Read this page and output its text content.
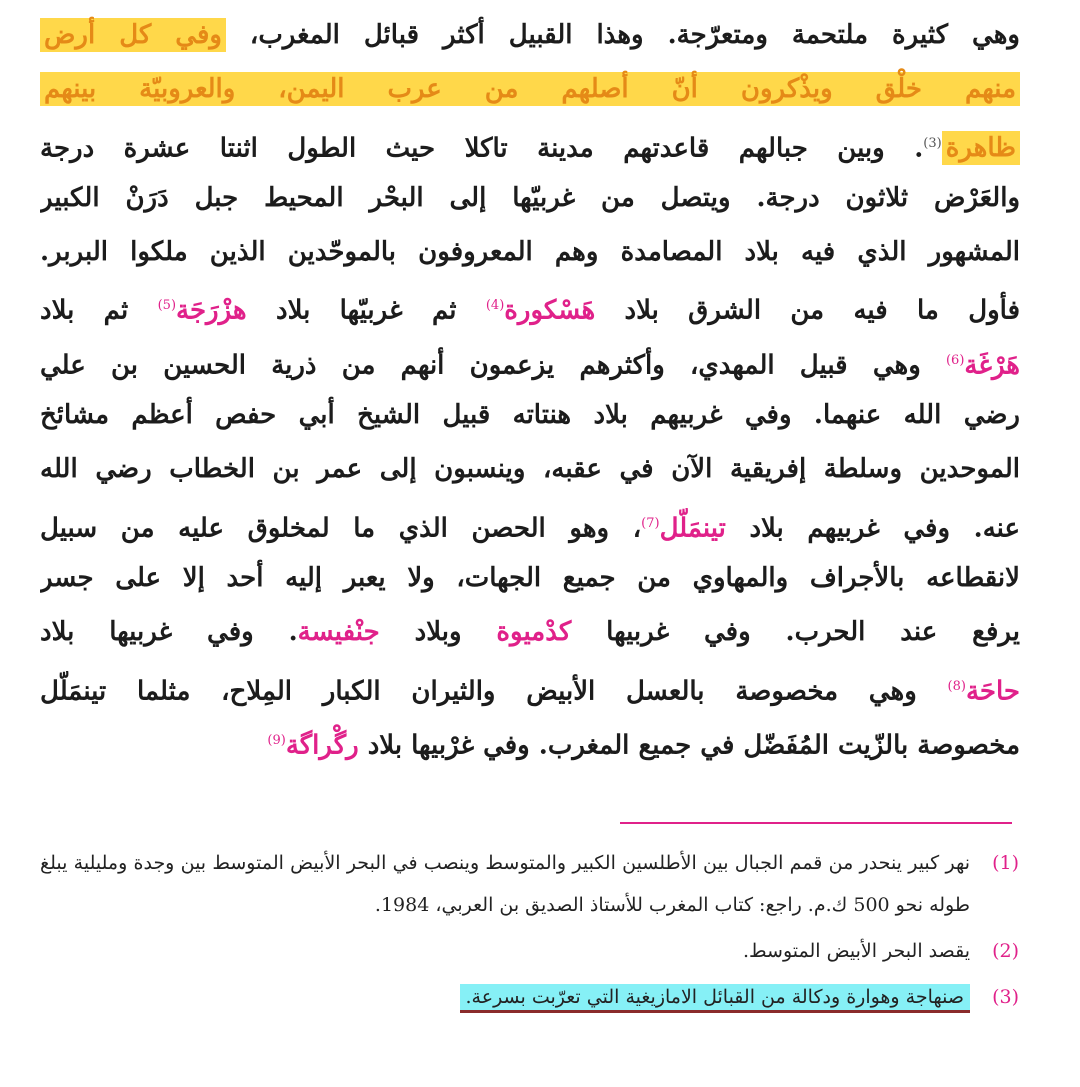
وهي كثيرة ملتحمة ومتعرّجة. وهذا القبيل أكثر قبائل المغرب، وفي كل أرض
منهم خلْق ويذْكرون أنّ أصلهم من عرب اليمن، والعروبيّة بينهم
ظاهرة$^{(3)}$. وبين جبالهم قاعدتهم مدينة تاكلا حيث الطول اثنتا عشرة درجة
والعَرْض ثلاثون درجة. ويتصل من غربيّها إلى البحْر المحيط جبل دَرَنْ الكبير
المشهور الذي فيه بلاد المصامدة وهم المعروفون بالموحّدين الذين ملكوا البربر.
فأول ما فيه من الشرق بلاد هَسْكورة$^{(4)}$ ثم غربيّها بلاد هزْرَجَة$^{(5)}$ ثم بلاد
هَرْغَة$^{(6)}$ وهي قبيل المهدي، وأكثرهم يزعمون أنهم من ذرية الحسين بن علي
رضي الله عنهما. وفي غربيهم بلاد هنتاته قبيل الشيخ أبي حفص أعظم مشائخ
الموحدين وسلطة إفريقية الآن في عقبه، وينسبون إلى عمر بن الخطاب رضي الله
عنه. وفي غربيهم بلاد تينمَلّل$^{(7)}$، وهو الحصن الذي ما لمخلوق عليه من سبيل
لانقطاعه بالأجراف والمهاوي من جميع الجهات، ولا يعبر إليه أحد إلا على جسر
يرفع عند الحرب. وفي غربيها كدْميوة وبلاد جنْفيسة. وفي غربيها بلاد
حاحَة$^{(8)}$ وهي مخصوصة بالعسل الأبيض والثيران الكبار المِلاح، مثلما تينمَلّل
مخصوصة بالزّيت المُفَضّل في جميع المغرب. وفي غرْبيها بلاد رگْراگة$^{(9)}$
(1)
نهر كبير ينحدر من قمم الجبال بين الأطلسين الكبير والمتوسط وينصب في البحر الأبيض المتوسط بين وجدة ومليلية يبلغ طوله نحو 500 ك.م. راجع: كتاب المغرب للأستاذ الصديق بن العربي، 1984.
(2)
يقصد البحر الأبيض المتوسط.
(3)
صنهاجة وهوارة ودكالة من القبائل الامازيغية التي تعرّبت بسرعة.
